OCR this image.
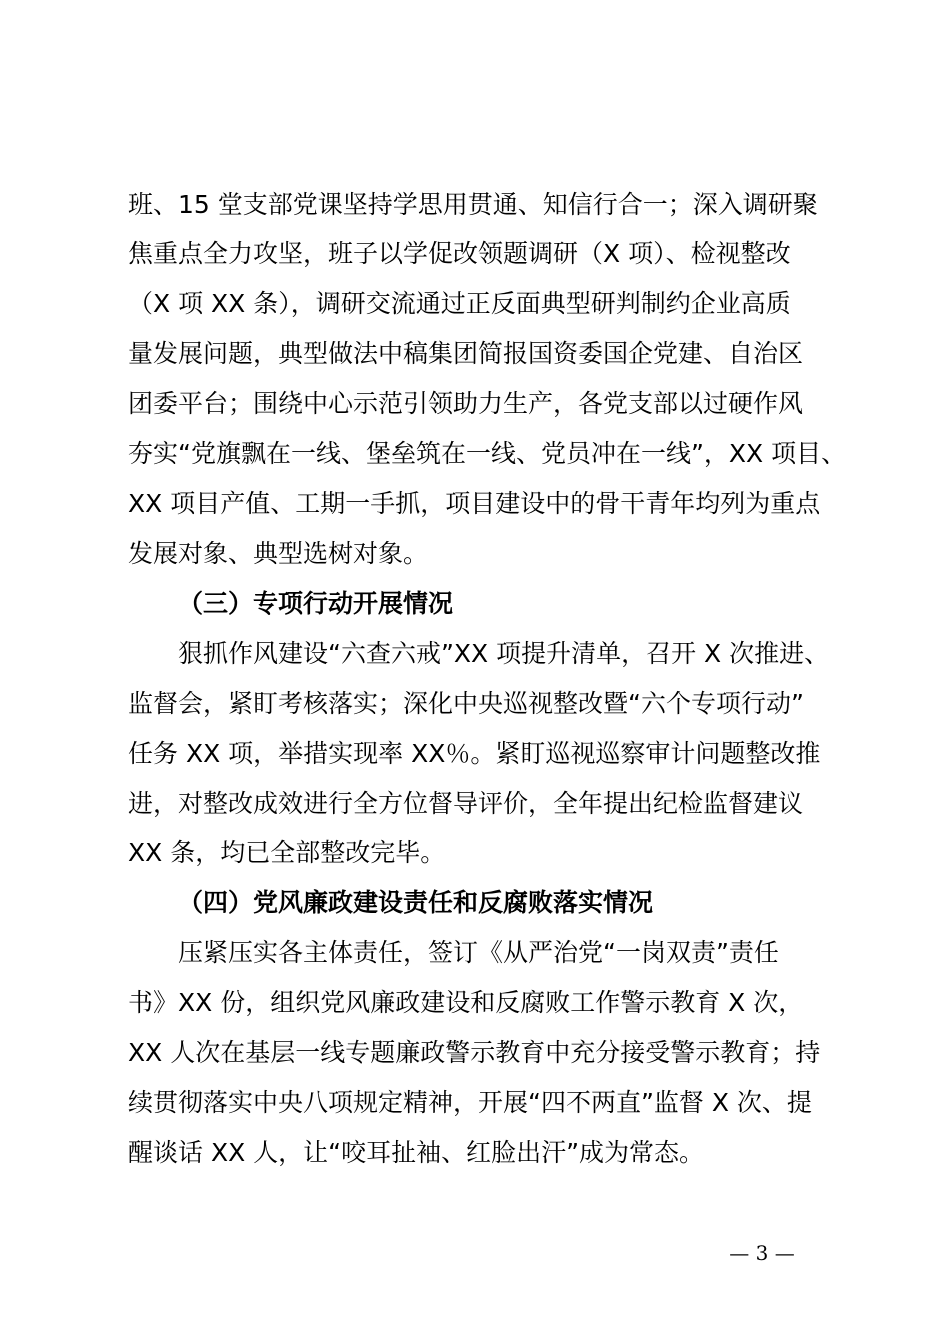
班、15 堂支部党课坚持学思用贯通、知信行合一；深入调研聚
焦重点全力攻坚，班子以学促改领题调研（X 项）、检视整改
（X 项 XX 条），调研交流通过正反面典型研判制约企业高质
量发展问题，典型做法中稿集团简报国资委国企党建、自治区
团委平台；围绕中心示范引领助力生产，各党支部以过硬作风
夯实“党旗飘在一线、堡垒筑在一线、党员冲在一线”，XX 项目、
XX 项目产值、工期一手抓，项目建设中的骨干青年均列为重点
发展对象、典型选树对象。
（三）专项行动开展情况
狠抓作风建设“六查六戒”XX 项提升清单，召开 X 次推进、
监督会，紧盯考核落实；深化中央巡视整改暨“六个专项行动”
任务 XX 项，举措实现率 XX％。紧盯巡视巡察审计问题整改推
进，对整改成效进行全方位督导评价，全年提出纪检监督建议
XX 条，均已全部整改完毕。
（四）党风廉政建设责任和反腐败落实情况
压紧压实各主体责任，签订《从严治党“一岗双责”责任
书》XX 份，组织党风廉政建设和反腐败工作警示教育 X 次，
XX 人次在基层一线专题廉政警示教育中充分接受警示教育；持
续贯彻落实中央八项规定精神，开展“四不两直”监督 X 次、提
醒谈话 XX 人，让“咬耳扯袖、红脸出汗”成为常态。
— 3 —
